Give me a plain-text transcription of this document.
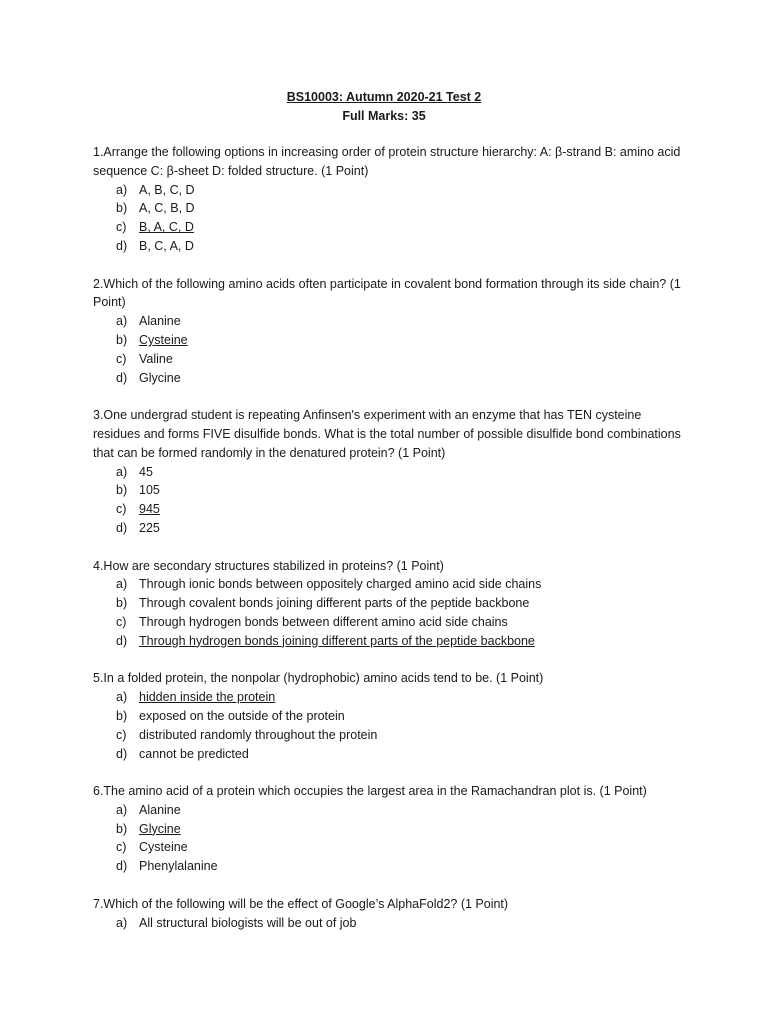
BS10003: Autumn 2020-21 Test 2
Full Marks: 35

1.Arrange the following options in increasing order of protein structure hierarchy: A: β-strand B: amino acid sequence C: β-sheet D: folded structure. (1 Point)

a) A, B, C, D
b) A, C, B, D
c) B, A, C, D
d) B, C, A, D

2.Which of the following amino acids often participate in covalent bond formation through its side chain? (1 Point)

a) Alanine
b) Cysteine
c) Valine
d) Glycine

3.One undergrad student is repeating Anfinsen's experiment with an enzyme that has TEN cysteine residues and forms FIVE disulfide bonds. What is the total number of possible disulfide bond combinations that can be formed randomly in the denatured protein? (1 Point)

a) 45
b) 105
c) 945
d) 225

4.How are secondary structures stabilized in proteins? (1 Point)

a) Through ionic bonds between oppositely charged amino acid side chains
b) Through covalent bonds joining different parts of the peptide backbone
c) Through hydrogen bonds between different amino acid side chains
d) Through hydrogen bonds joining different parts of the peptide backbone

5.In a folded protein, the nonpolar (hydrophobic) amino acids tend to be. (1 Point)

a) hidden inside the protein
b) exposed on the outside of the protein
c) distributed randomly throughout the protein
d) cannot be predicted

6.The amino acid of a protein which occupies the largest area in the Ramachandran plot is. (1 Point)

a) Alanine
b) Glycine
c) Cysteine
d) Phenylalanine

7.Which of the following will be the effect of Google’s AlphaFold2? (1 Point)

a) All structural biologists will be out of job
